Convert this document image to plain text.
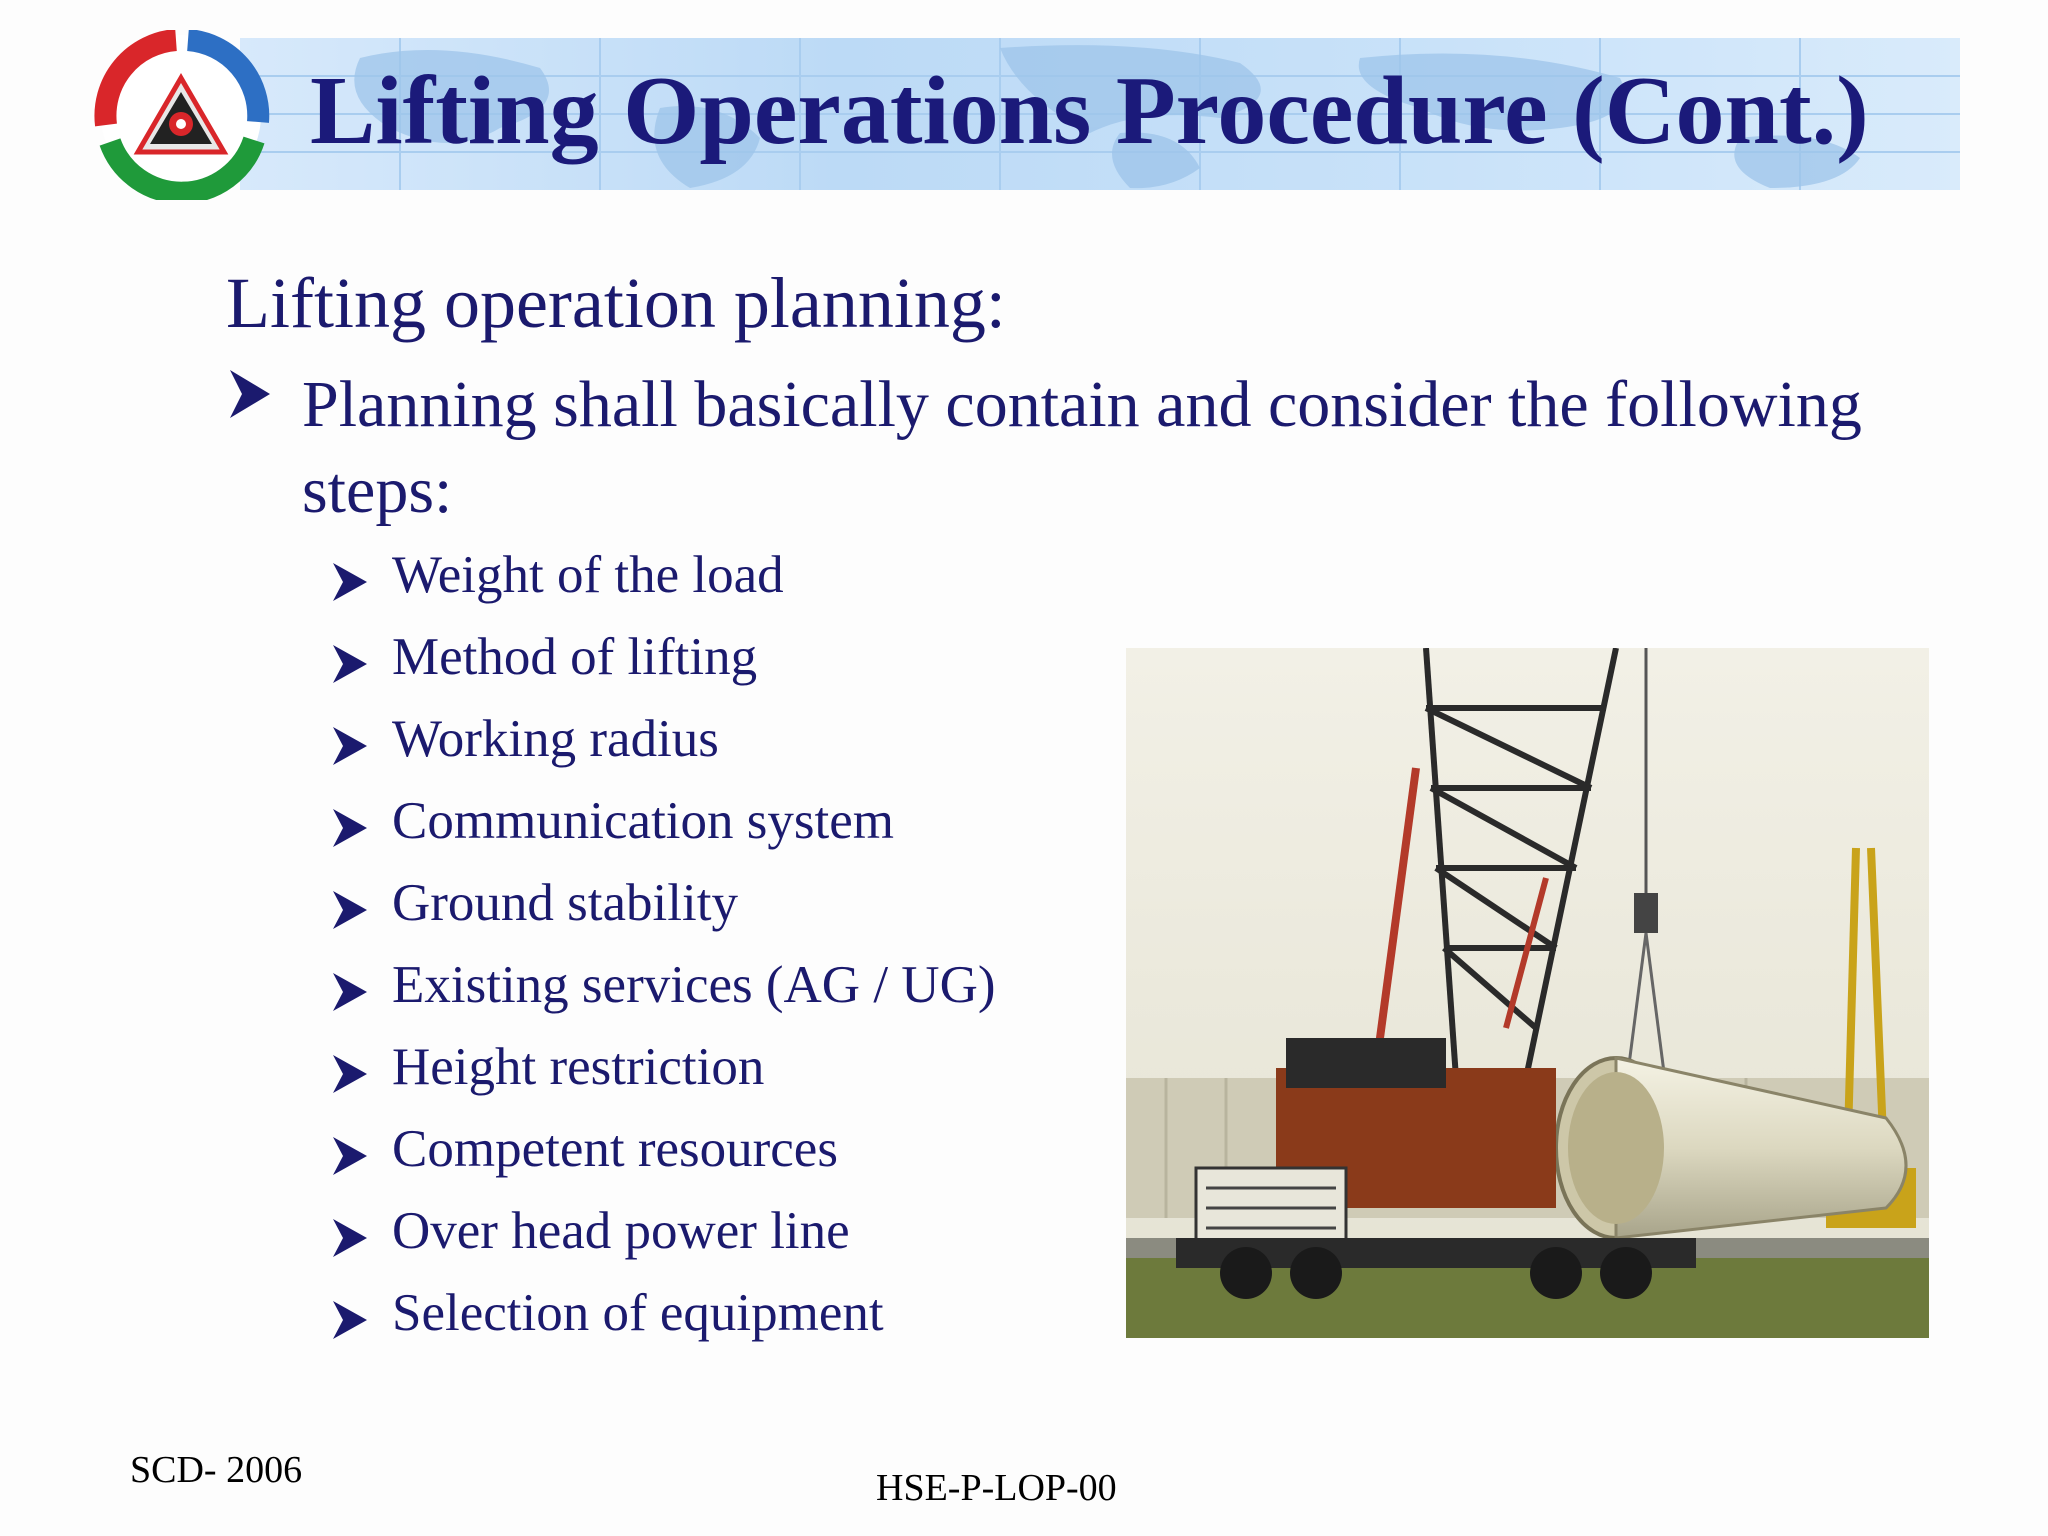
Lifting Operations Procedure (Cont.)
Lifting operation planning:
Planning shall basically contain and consider the following steps:
Weight of the load
Method of lifting
Working radius
Communication system
Ground stability
Existing services (AG / UG)
Height restriction
Competent resources
Over head power line
Selection of equipment
SCD- 2006	HSE-P-LOP-00
